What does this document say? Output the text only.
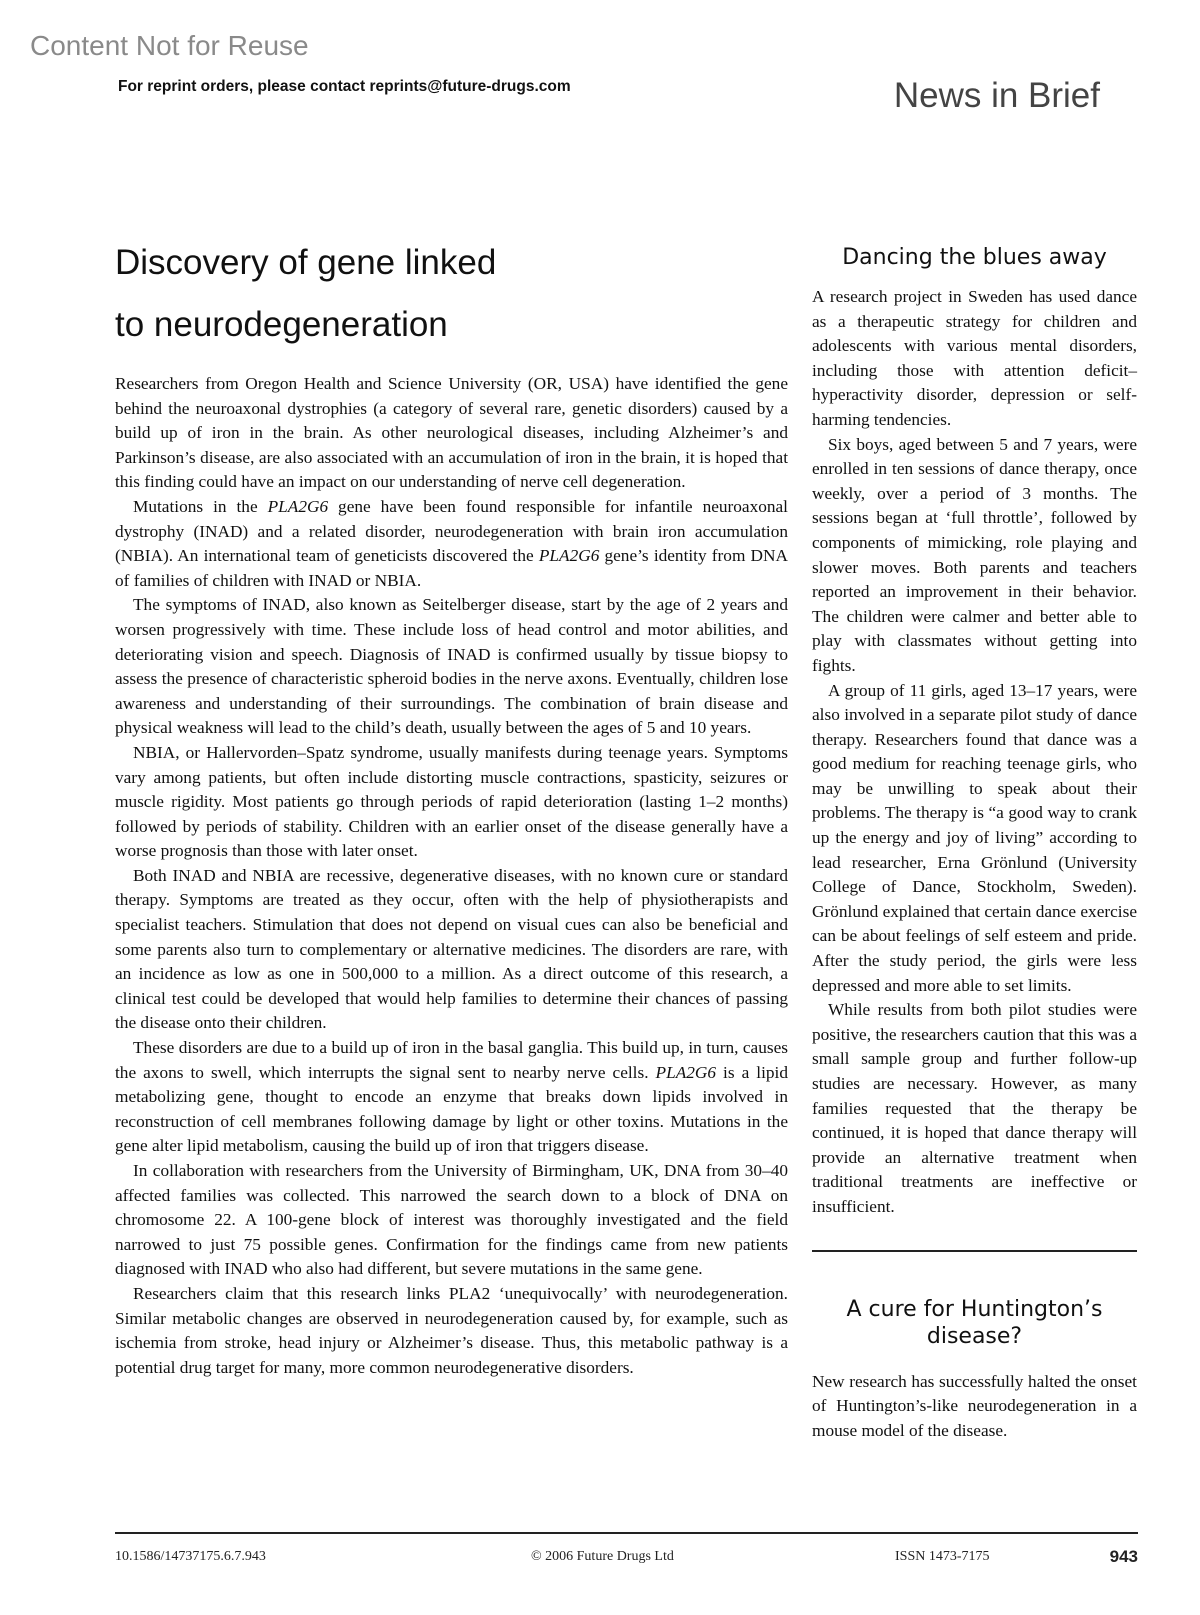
Content Not for Reuse

For reprint orders, please contact reprints@future-drugs.com	News in Brief
Discovery of gene linked
to neurodegeneration

Researchers from Oregon Health and Science University (OR, USA) have identified the gene behind the neuroaxonal dystrophies (a category of several rare, genetic disorders) caused by a build up of iron in the brain. As other neurological diseases, including Alzheimer’s and Parkinson’s disease, are also associated with an accumulation of iron in the brain, it is hoped that this finding could have an impact on our understanding of nerve cell degeneration.

Mutations in the PLA2G6 gene have been found responsible for infantile neuroaxonal dystrophy (INAD) and a related disorder, neurodegeneration with brain iron accumulation (NBIA). An international team of geneticists discovered the PLA2G6 gene’s identity from DNA of families of children with INAD or NBIA.

The symptoms of INAD, also known as Seitelberger disease, start by the age of 2 years and worsen progressively with time. These include loss of head control and motor abilities, and deteriorating vision and speech. Diagnosis of INAD is confirmed usually by tissue biopsy to assess the presence of characteristic spheroid bodies in the nerve axons. Eventually, children lose awareness and understanding of their surroundings. The combination of brain disease and physical weakness will lead to the child’s death, usually between the ages of 5 and 10 years.

NBIA, or Hallervorden–Spatz syndrome, usually manifests during teenage years. Symptoms vary among patients, but often include distorting muscle contractions, spasticity, seizures or muscle rigidity. Most patients go through periods of rapid deterioration (lasting 1–2 months) followed by periods of stability. Children with an earlier onset of the disease generally have a worse prognosis than those with later onset.

Both INAD and NBIA are recessive, degenerative diseases, with no known cure or standard therapy. Symptoms are treated as they occur, often with the help of physiotherapists and specialist teachers. Stimulation that does not depend on visual cues can also be beneficial and some parents also turn to complementary or alternative medicines. The disorders are rare, with an incidence as low as one in 500,000 to a million. As a direct outcome of this research, a clinical test could be developed that would help families to determine their chances of passing the disease onto their children.

These disorders are due to a build up of iron in the basal ganglia. This build up, in turn, causes the axons to swell, which interrupts the signal sent to nearby nerve cells. PLA2G6 is a lipid metabolizing gene, thought to encode an enzyme that breaks down lipids involved in reconstruction of cell membranes following damage by light or other toxins. Mutations in the gene alter lipid metabolism, causing the build up of iron that triggers disease.

In collaboration with researchers from the University of Birmingham, UK, DNA from 30–40 affected families was collected. This narrowed the search down to a block of DNA on chromosome 22. A 100-gene block of interest was thoroughly investigated and the field narrowed to just 75 possible genes. Confirmation for the findings came from new patients diagnosed with INAD who also had different, but severe mutations in the same gene.

Researchers claim that this research links PLA2 ‘unequivocally’ with neurodegeneration. Similar metabolic changes are observed in neurodegeneration caused by, for example, such as ischemia from stroke, head injury or Alzheimer’s disease. Thus, this metabolic pathway is a potential drug target for many, more common neurodegenerative disorders.

Dancing the blues away

A research project in Sweden has used dance as a therapeutic strategy for children and adolescents with various mental disorders, including those with attention deficit–hyperactivity disorder, depression or self-harming tendencies.

Six boys, aged between 5 and 7 years, were enrolled in ten sessions of dance therapy, once weekly, over a period of 3 months. The sessions began at ‘full throttle’, followed by components of mimicking, role playing and slower moves. Both parents and teachers reported an improvement in their behavior. The children were calmer and better able to play with classmates without getting into fights.

A group of 11 girls, aged 13–17 years, were also involved in a separate pilot study of dance therapy. Researchers found that dance was a good medium for reaching teenage girls, who may be unwilling to speak about their problems. The therapy is “a good way to crank up the energy and joy of living” according to lead researcher, Erna Grönlund (University College of Dance, Stockholm, Sweden). Grönlund explained that certain dance exercise can be about feelings of self esteem and pride. After the study period, the girls were less depressed and more able to set limits.

While results from both pilot studies were positive, the researchers caution that this was a small sample group and further follow-up studies are necessary. However, as many families requested that the therapy be continued, it is hoped that dance therapy will provide an alternative treatment when traditional treatments are ineffective or insufficient.

A cure for Huntington’s
disease?

New research has successfully halted the onset of Huntington’s-like neurodegeneration in a mouse model of the disease.

10.1586/14737175.6.7.943	© 2006 Future Drugs Ltd	ISSN 1473-7175	943
